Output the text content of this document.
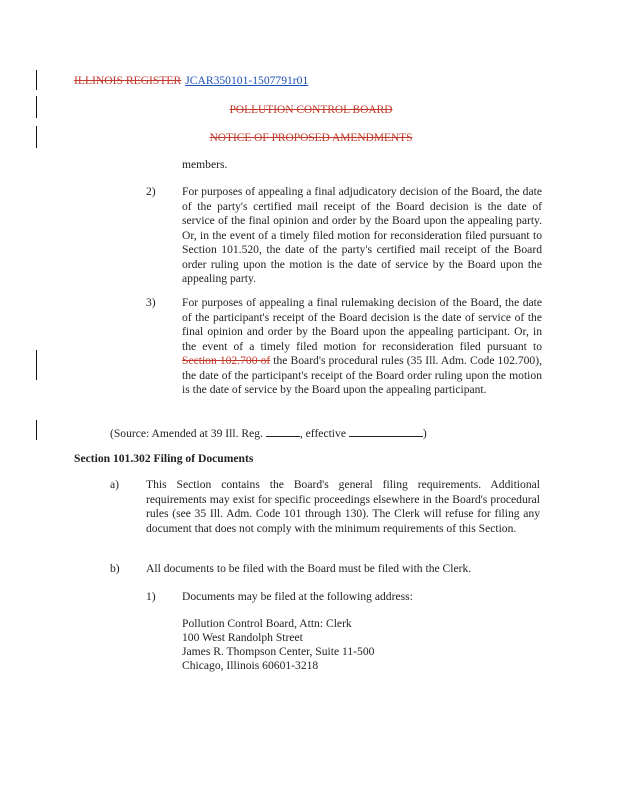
ILLINOIS REGISTER JCAR350101-1507791r01
POLLUTION CONTROL BOARD
NOTICE OF PROPOSED AMENDMENTS
members.
2)	For purposes of appealing a final adjudicatory decision of the Board, the date of the party's certified mail receipt of the Board decision is the date of service of the final opinion and order by the Board upon the appealing party. Or, in the event of a timely filed motion for reconsideration filed pursuant to Section 101.520, the date of the party's certified mail receipt of the Board order ruling upon the motion is the date of service by the Board upon the appealing party.
3)	For purposes of appealing a final rulemaking decision of the Board, the date of the participant's receipt of the Board decision is the date of service of the final opinion and order by the Board upon the appealing participant. Or, in the event of a timely filed motion for reconsideration filed pursuant to Section 102.700 of the Board's procedural rules (35 Ill. Adm. Code 102.700), the date of the participant's receipt of the Board order ruling upon the motion is the date of service by the Board upon the appealing participant.
(Source: Amended at 39 Ill. Reg.	, effective	)
Section 101.302 Filing of Documents
a)	This Section contains the Board's general filing requirements. Additional requirements may exist for specific proceedings elsewhere in the Board's procedural rules (see 35 Ill. Adm. Code 101 through 130). The Clerk will refuse for filing any document that does not comply with the minimum requirements of this Section.
b)	All documents to be filed with the Board must be filed with the Clerk.
1)	Documents may be filed at the following address:
Pollution Control Board, Attn: Clerk
100 West Randolph Street
James R. Thompson Center, Suite 11-500
Chicago, Illinois 60601-3218
